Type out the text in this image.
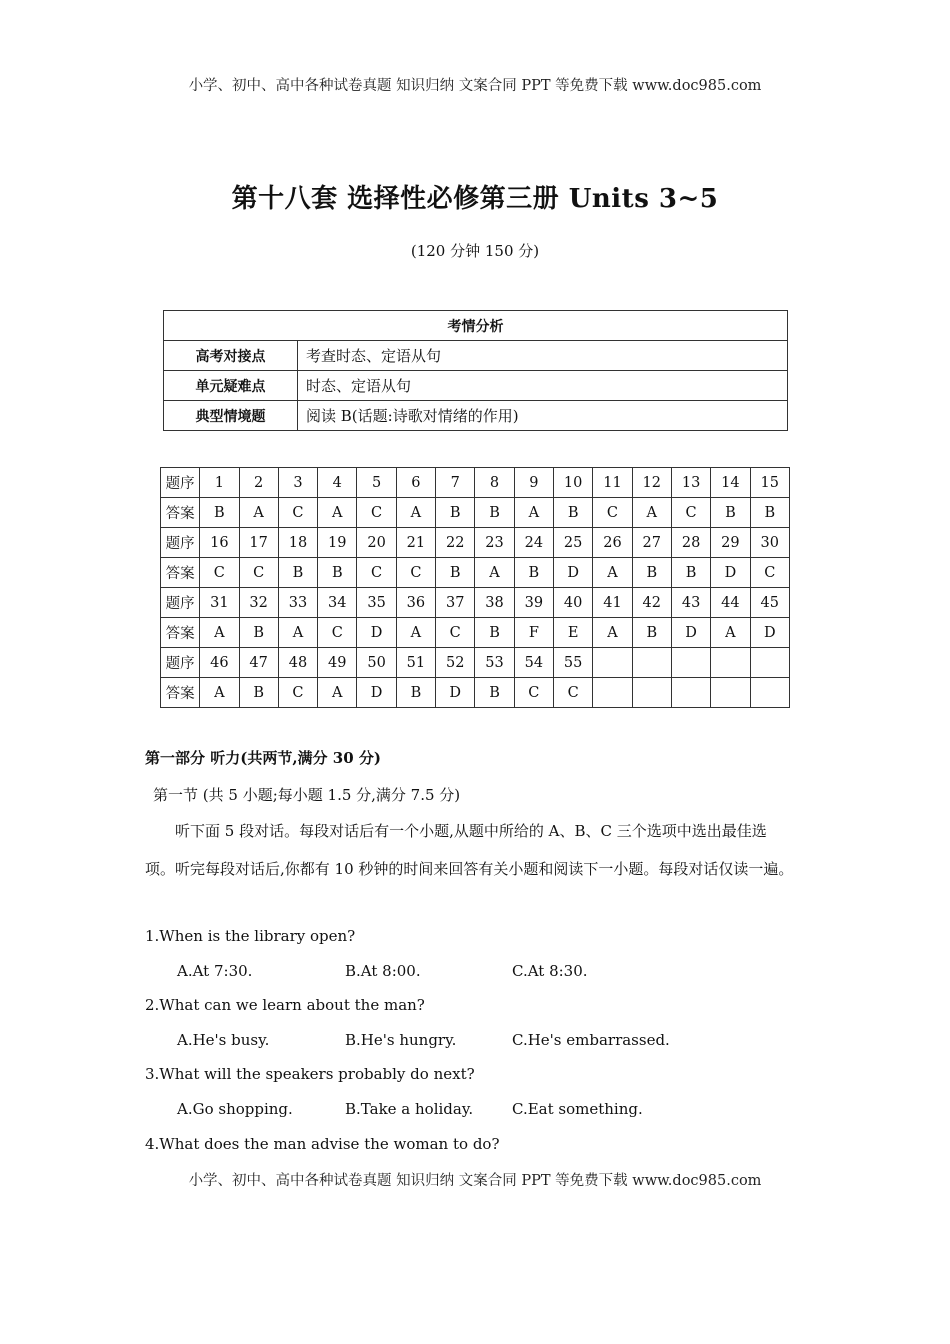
小学、初中、高中各种试卷真题 知识归纳 文案合同 PPT 等免费下载 www.doc985.com
第十八套 选择性必修第三册 Units 3~5
(120 分钟 150 分)
考情分析	
高考对接点	考查时态、定语从句
单元疑难点	时态、定语从句
典型情境题	阅读 B(话题:诗歌对情绪的作用)
题序	1	2	3	4	5	6	7	8	9	10	11	12	13	14	15
答案	B	A	C	A	C	A	B	B	A	B	C	A	C	B	B
题序	16	17	18	19	20	21	22	23	24	25	26	27	28	29	30
答案	C	C	B	B	C	C	B	A	B	D	A	B	B	D	C
题序	31	32	33	34	35	36	37	38	39	40	41	42	43	44	45
答案	A	B	A	C	D	A	C	B	F	E	A	B	D	A	D
题序	46	47	48	49	50	51	52	53	54	55					
答案	A	B	C	A	D	B	D	B	C	C					
第一部分 听力(共两节,满分 30 分)
第一节 (共 5 小题;每小题 1.5 分,满分 7.5 分)
听下面 5 段对话。每段对话后有一个小题,从题中所给的 A、B、C 三个选项中选出最佳选项。听完每段对话后,你都有 10 秒钟的时间来回答有关小题和阅读下一小题。每段对话仅读一遍。
1.When is the library open?
A.At 7:30.	B.At 8:00.	C.At 8:30.
2.What can we learn about the man?
A.He's busy.	B.He's hungry.	C.He's embarrassed.
3.What will the speakers probably do next?
A.Go shopping.	B.Take a holiday.	C.Eat something.
4.What does the man advise the woman to do?
小学、初中、高中各种试卷真题 知识归纳 文案合同 PPT 等免费下载 www.doc985.com
